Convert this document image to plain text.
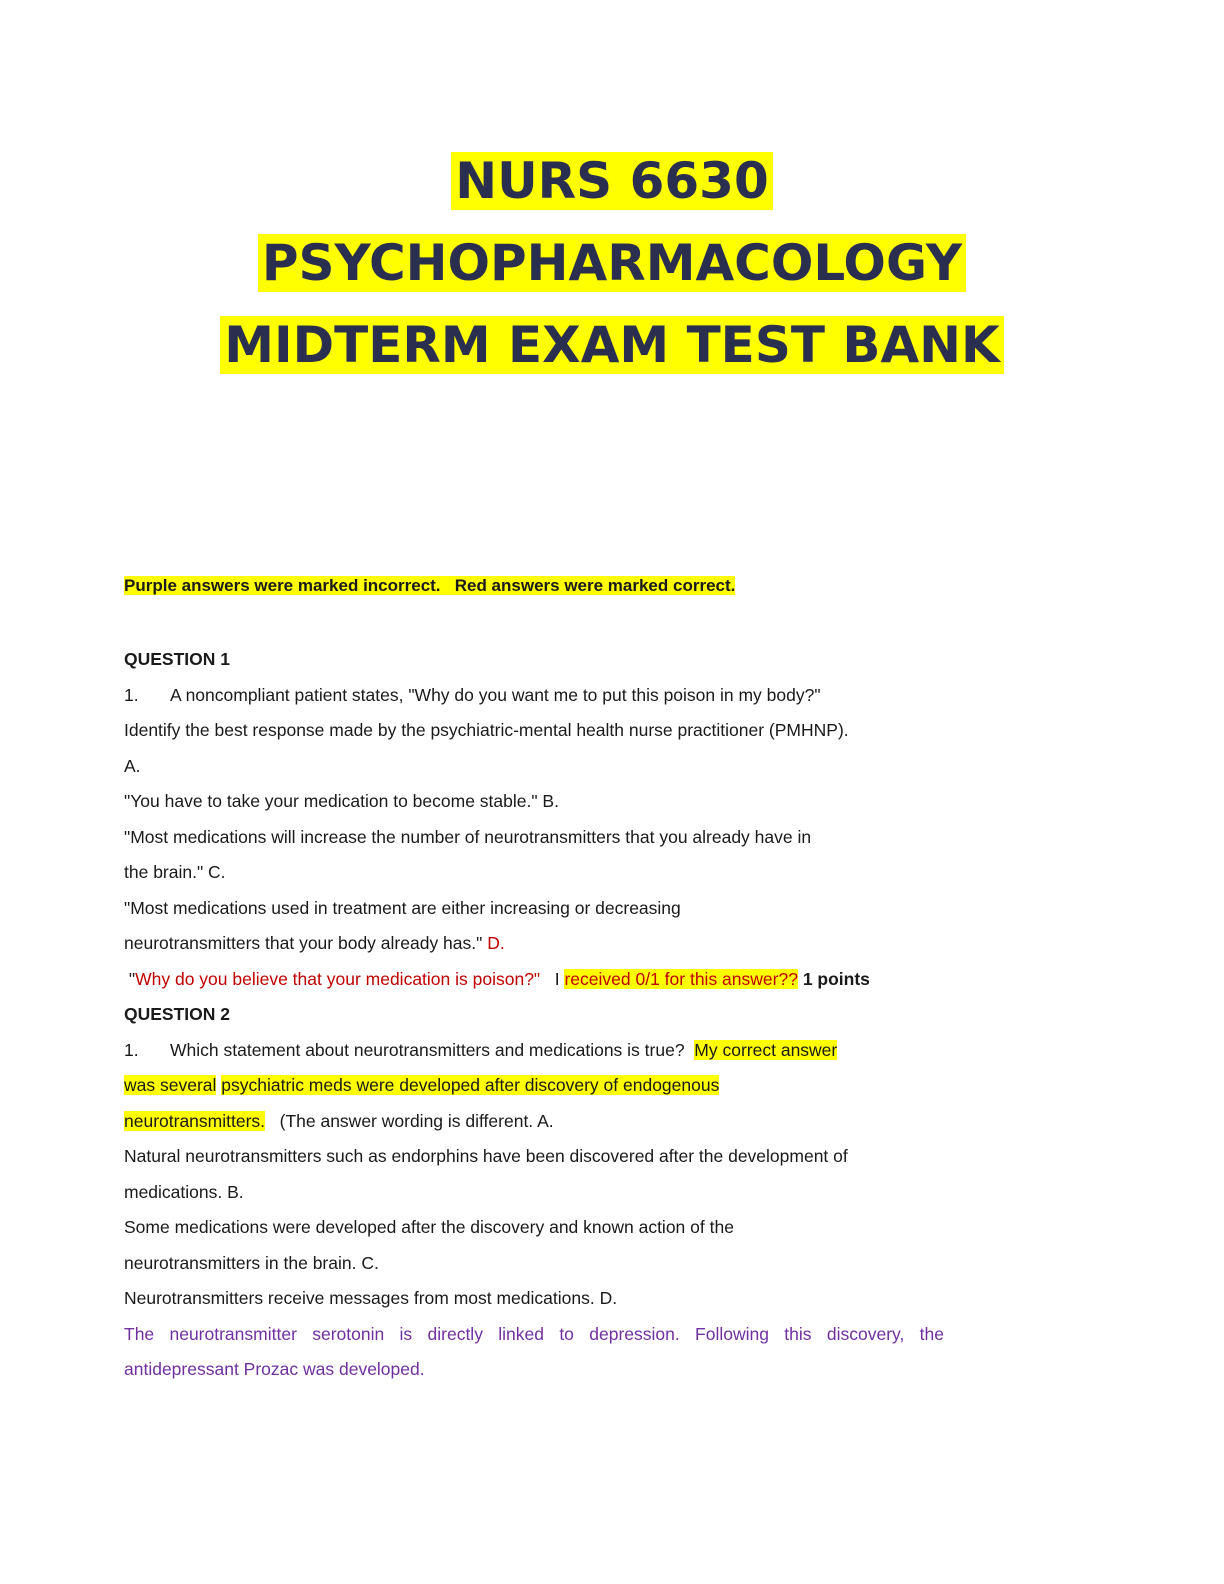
NURS 6630
PSYCHOPHARMACOLOGY
MIDTERM EXAM TEST BANK
Purple answers were marked incorrect. Red answers were marked correct.
QUESTION 1
1. A noncompliant patient states, "Why do you want me to put this poison in my body?"
Identify the best response made by the psychiatric-mental health nurse practitioner (PMHNP).
A.
"You have to take your medication to become stable." B.
"Most medications will increase the number of neurotransmitters that you already have in
the brain." C.
"Most medications used in treatment are either increasing or decreasing
neurotransmitters that your body already has." D.
"Why do you believe that your medication is poison?" I received 0/1 for this answer?? 1 points
QUESTION 2
1. Which statement about neurotransmitters and medications is true? My correct answer
was several psychiatric meds were developed after discovery of endogenous
neurotransmitters. (The answer wording is different. A.
Natural neurotransmitters such as endorphins have been discovered after the development of
medications. B.
Some medications were developed after the discovery and known action of the
neurotransmitters in the brain. C.
Neurotransmitters receive messages from most medications. D.
The neurotransmitter serotonin is directly linked to depression. Following this discovery, the
antidepressant Prozac was developed.
